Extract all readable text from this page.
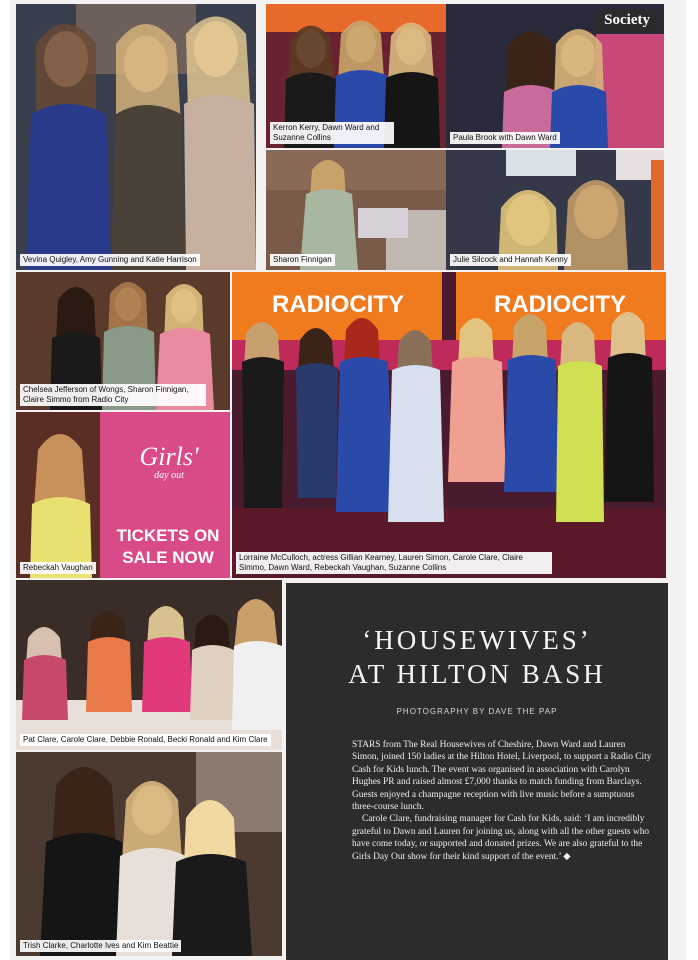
Vevina Quigley, Amy Gunning and Katie Harrison
Kerron Kerry, Dawn Ward and Suzanne Collins
Society
Paula Brook with Dawn Ward
Sharon Finnigan	Julie Silcock and Hannah Kenny
Chelsea Jefferson of Wongs, Sharon Finnigan, Claire Simmo from Radio City
RADIOCITY	RADIOCITY
Lorraine McCulloch, actress Gillian Kearney, Lauren Simon, Carole Clare, Claire Simmo, Dawn Ward, Rebeckah Vaughan, Suzanne Collins
Girls'
day out
TICKETS ON
SALE NOW
Rebeckah Vaughan
Pat Clare, Carole Clare, Debbie Ronald, Becki Ronald and Kim Clare
Trish Clarke, Charlotte Ives and Kim Beattie
‘HOUSEWIVES’
AT HILTON BASH
PHOTOGRAPHY BY DAVE THE PAP

STARS from The Real Housewives of Cheshire, Dawn Ward and Lauren Simon, joined 150 ladies at the Hilton Hotel, Liverpool, to support a Radio City Cash for Kids lunch. The event was organised in association with Carolyn Hughes PR and raised almost £7,000 thanks to match funding from Barclays. Guests enjoyed a champagne reception with live music before a sumptuous three-course lunch.

Carole Clare, fundraising manager for Cash for Kids, said: ‘I am incredibly grateful to Dawn and Lauren for joining us, along with all the other guests who have come today, or supported and donated prizes. We are also grateful to the Girls Day Out show for their kind support of the event.’ ◆
